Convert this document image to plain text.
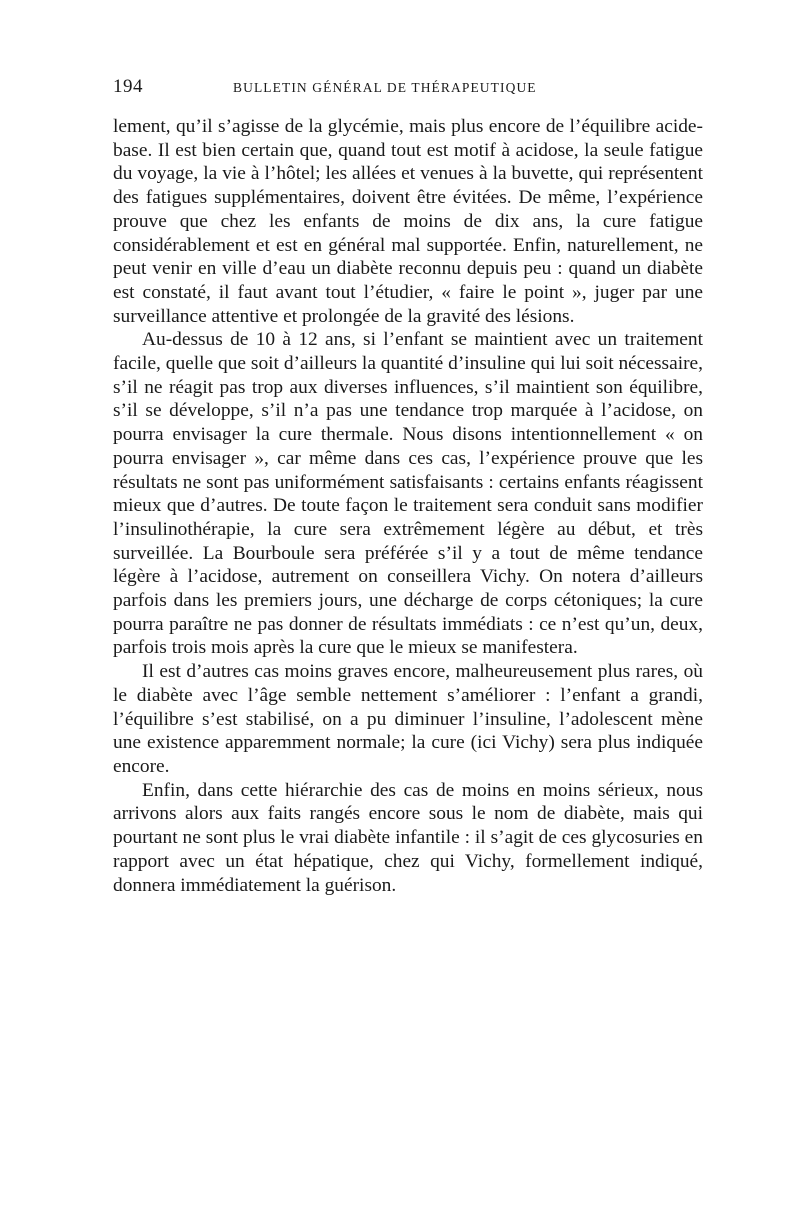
194	BULLETIN GÉNÉRAL DE THÉRAPEUTIQUE

lement, qu’il s’agisse de la glycémie, mais plus encore de l’équilibre acide-base. Il est bien certain que, quand tout est motif à acidose, la seule fatigue du voyage, la vie à l’hôtel; les allées et venues à la buvette, qui représentent des fatigues supplémentaires, doivent être évitées. De même, l’expérience prouve que chez les enfants de moins de dix ans, la cure fatigue considérablement et est en général mal supportée. Enfin, naturellement, ne peut venir en ville d’eau un diabète reconnu depuis peu : quand un diabète est constaté, il faut avant tout l’étudier, « faire le point », juger par une surveillance attentive et prolongée de la gravité des lésions.

Au-dessus de 10 à 12 ans, si l’enfant se maintient avec un traitement facile, quelle que soit d’ailleurs la quantité d’insuline qui lui soit nécessaire, s’il ne réagit pas trop aux diverses influences, s’il maintient son équilibre, s’il se développe, s’il n’a pas une tendance trop marquée à l’acidose, on pourra envisager la cure thermale. Nous disons intentionnellement « on pourra envisager », car même dans ces cas, l’expérience prouve que les résultats ne sont pas uniformément satisfaisants : certains enfants réagissent mieux que d’autres. De toute façon le traitement sera conduit sans modifier l’insulinothérapie, la cure sera extrêmement légère au début, et très surveillée. La Bourboule sera préférée s’il y a tout de même tendance légère à l’acidose, autrement on conseillera Vichy. On notera d’ailleurs parfois dans les premiers jours, une décharge de corps cétoniques; la cure pourra paraître ne pas donner de résultats immédiats : ce n’est qu’un, deux, parfois trois mois après la cure que le mieux se manifestera.

Il est d’autres cas moins graves encore, malheureusement plus rares, où le diabète avec l’âge semble nettement s’améliorer : l’enfant a grandi, l’équilibre s’est stabilisé, on a pu diminuer l’insuline, l’adolescent mène une existence apparemment normale; la cure (ici Vichy) sera plus indiquée encore.

Enfin, dans cette hiérarchie des cas de moins en moins sérieux, nous arrivons alors aux faits rangés encore sous le nom de diabète, mais qui pourtant ne sont plus le vrai diabète infantile : il s’agit de ces glycosuries en rapport avec un état hépatique, chez qui Vichy, formellement indiqué, donnera immédiatement la guérison.
